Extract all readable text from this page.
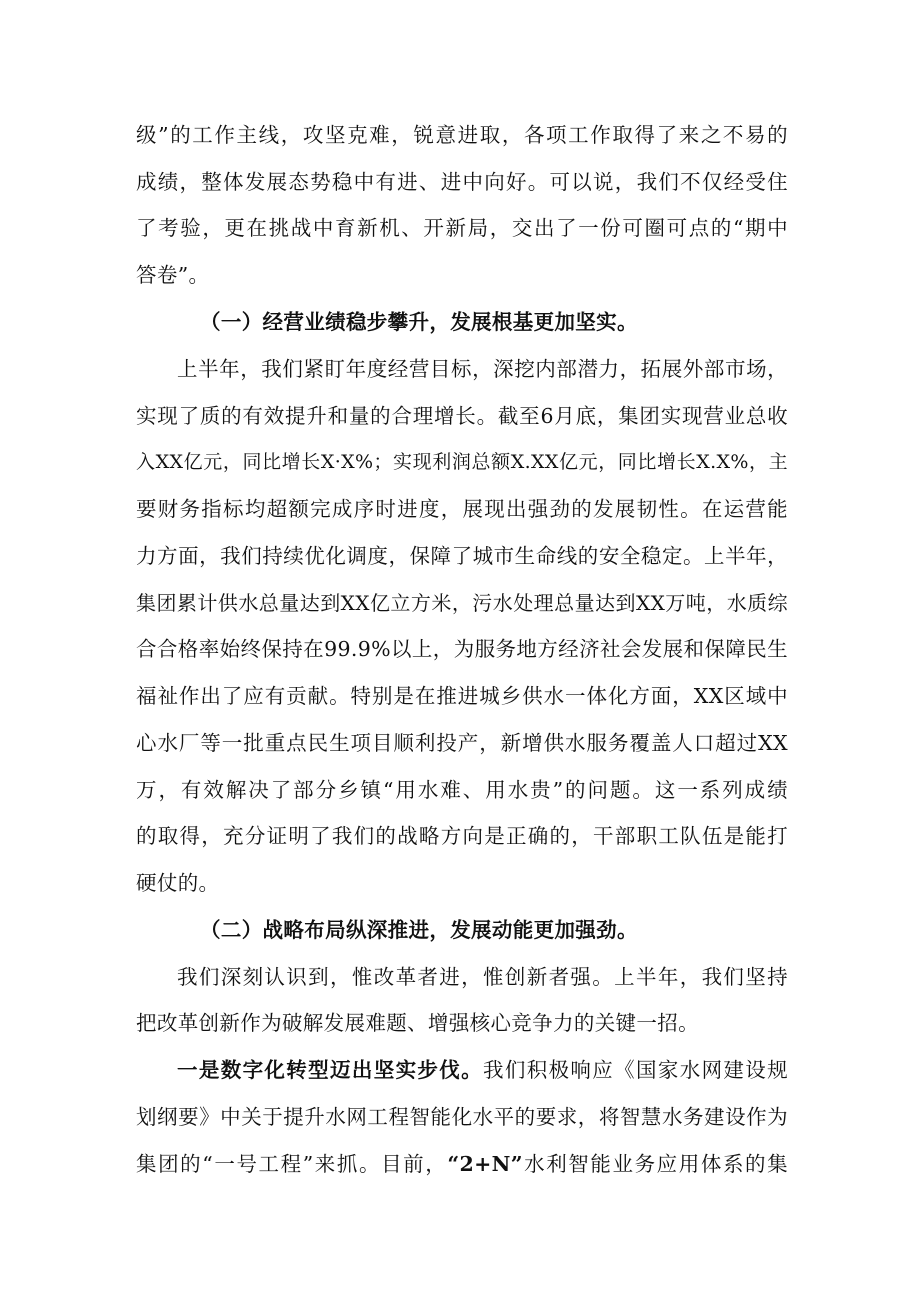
级”的工作主线，攻坚克难，锐意进取，各项工作取得了来之不易的
成绩，整体发展态势稳中有进、进中向好。可以说，我们不仅经受住
了考验，更在挑战中育新机、开新局，交出了一份可圈可点的“期中
答卷”。
（一）经营业绩稳步攀升，发展根基更加坚实。
上半年，我们紧盯年度经营目标，深挖内部潜力，拓展外部市场，
实现了质的有效提升和量的合理增长。截至6月底，集团实现营业总收
入XX亿元，同比增长X·X%；实现利润总额X.XX亿元，同比增长X.X%，主
要财务指标均超额完成序时进度，展现出强劲的发展韧性。在运营能
力方面，我们持续优化调度，保障了城市生命线的安全稳定。上半年，
集团累计供水总量达到XX亿立方米，污水处理总量达到XX万吨，水质综
合合格率始终保持在99.9%以上，为服务地方经济社会发展和保障民生
福祉作出了应有贡献。特别是在推进城乡供水一体化方面，XX区域中
心水厂等一批重点民生项目顺利投产，新增供水服务覆盖人口超过XX
万，有效解决了部分乡镇“用水难、用水贵”的问题。这一系列成绩
的取得，充分证明了我们的战略方向是正确的，干部职工队伍是能打
硬仗的。
（二）战略布局纵深推进，发展动能更加强劲。
我们深刻认识到，惟改革者进，惟创新者强。上半年，我们坚持
把改革创新作为破解发展难题、增强核心竞争力的关键一招。
一是数字化转型迈出坚实步伐。我们积极响应《国家水网建设规
划纲要》中关于提升水网工程智能化水平的要求，将智慧水务建设作为
集团的“一号工程”来抓。目前，“2+N”水利智能业务应用体系的集
